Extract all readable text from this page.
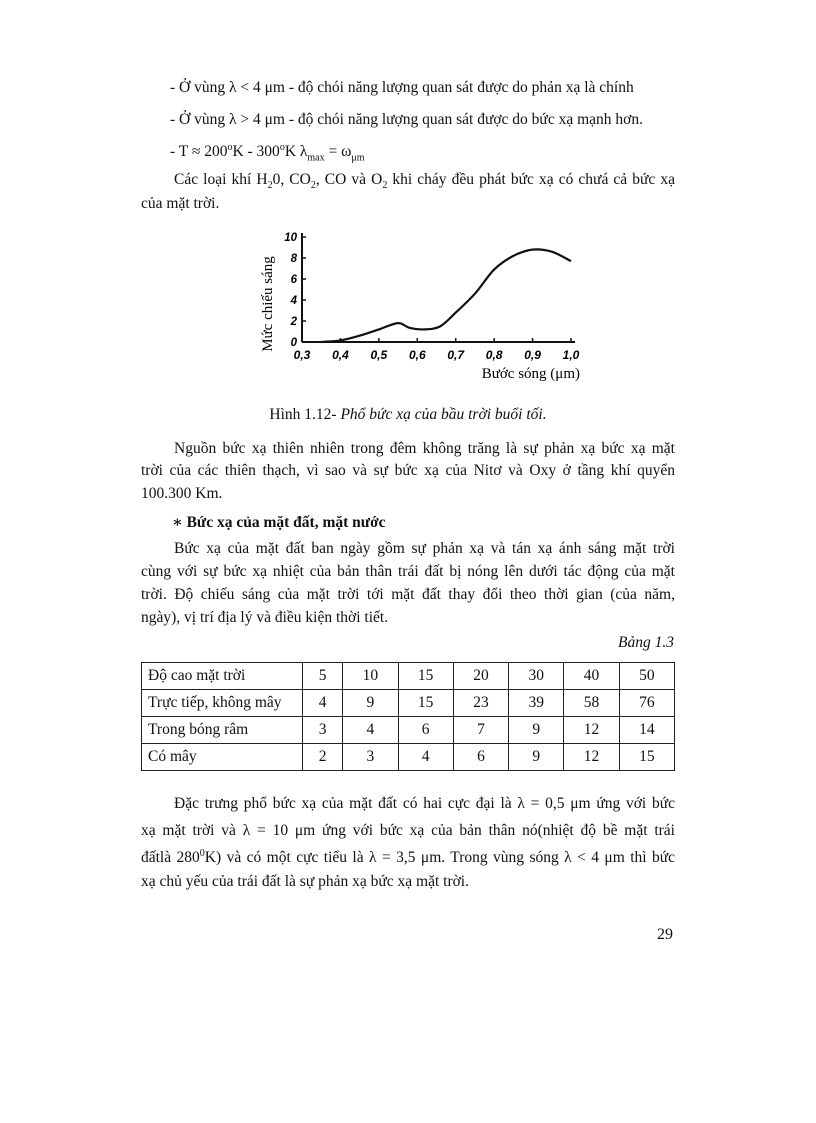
- Ở vùng λ < 4 μm - độ chói năng lượng quan sát được do phản xạ là chính
- Ở vùng λ > 4 μm - độ chói năng lượng quan sát được do bức xạ mạnh hơn.
- $T \approx 200^oK - 300^oK$ $\lambda_{max} = \omega_{\mu m}$
Các loại khí $H_20$, $CO_2$, CO và $O_2$ khi cháy đều phát bức xạ có chưá cả bức xạ
của mặt trời.
0
2
4
6
8
10
0,3 0,4 0,5 0,6 0,7 0,8 0,9 1,0
Mức chiếu sáng
Bước sóng (μm)
Hình 1.12- Phổ bức xạ của bầu trời buổi tối.
Nguồn bức xạ thiên nhiên trong đêm không trăng là sự phản xạ bức xạ mặt
trời của các thiên thạch, vì sao và sự bức xạ của Nitơ và Oxy ở tầng khí quyển
100.300 Km.
∗ Bức xạ của mặt đất, mặt nước
Bức xạ của mặt đất ban ngày gồm sự phản xạ và tán xạ ánh sáng mặt trời
cùng với sự bức xạ nhiệt của bản thân trái đất bị nóng lên dưới tác động của mặt
trời. Độ chiếu sáng của mặt trời tới mặt đất thay đổi theo thời gian (của năm,
ngày), vị trí địa lý và điều kiện thời tiết.
Bảng 1.3
Độ cao mặt trời	5	10	15	20	30	40	50
Trực tiếp, không mây	4	9	15	23	39	58	76
Trong bóng râm	3	4	6	7	9	12	14
Có mây	2	3	4	6	9	12	15
Đặc trưng phổ bức xạ của mặt đất có hai cực đại là λ = 0,5 μm ứng với bức
xạ mặt trời và λ = 10 μm ứng với bức xạ của bản thân nó(nhiệt độ bề mặt trái
đấtlà $280^0K$) và có một cực tiểu là λ = 3,5 μm. Trong vùng sóng λ < 4 μm thì bức
xạ chủ yếu của trái đất là sự phản xạ bức xạ mặt trời.
29
